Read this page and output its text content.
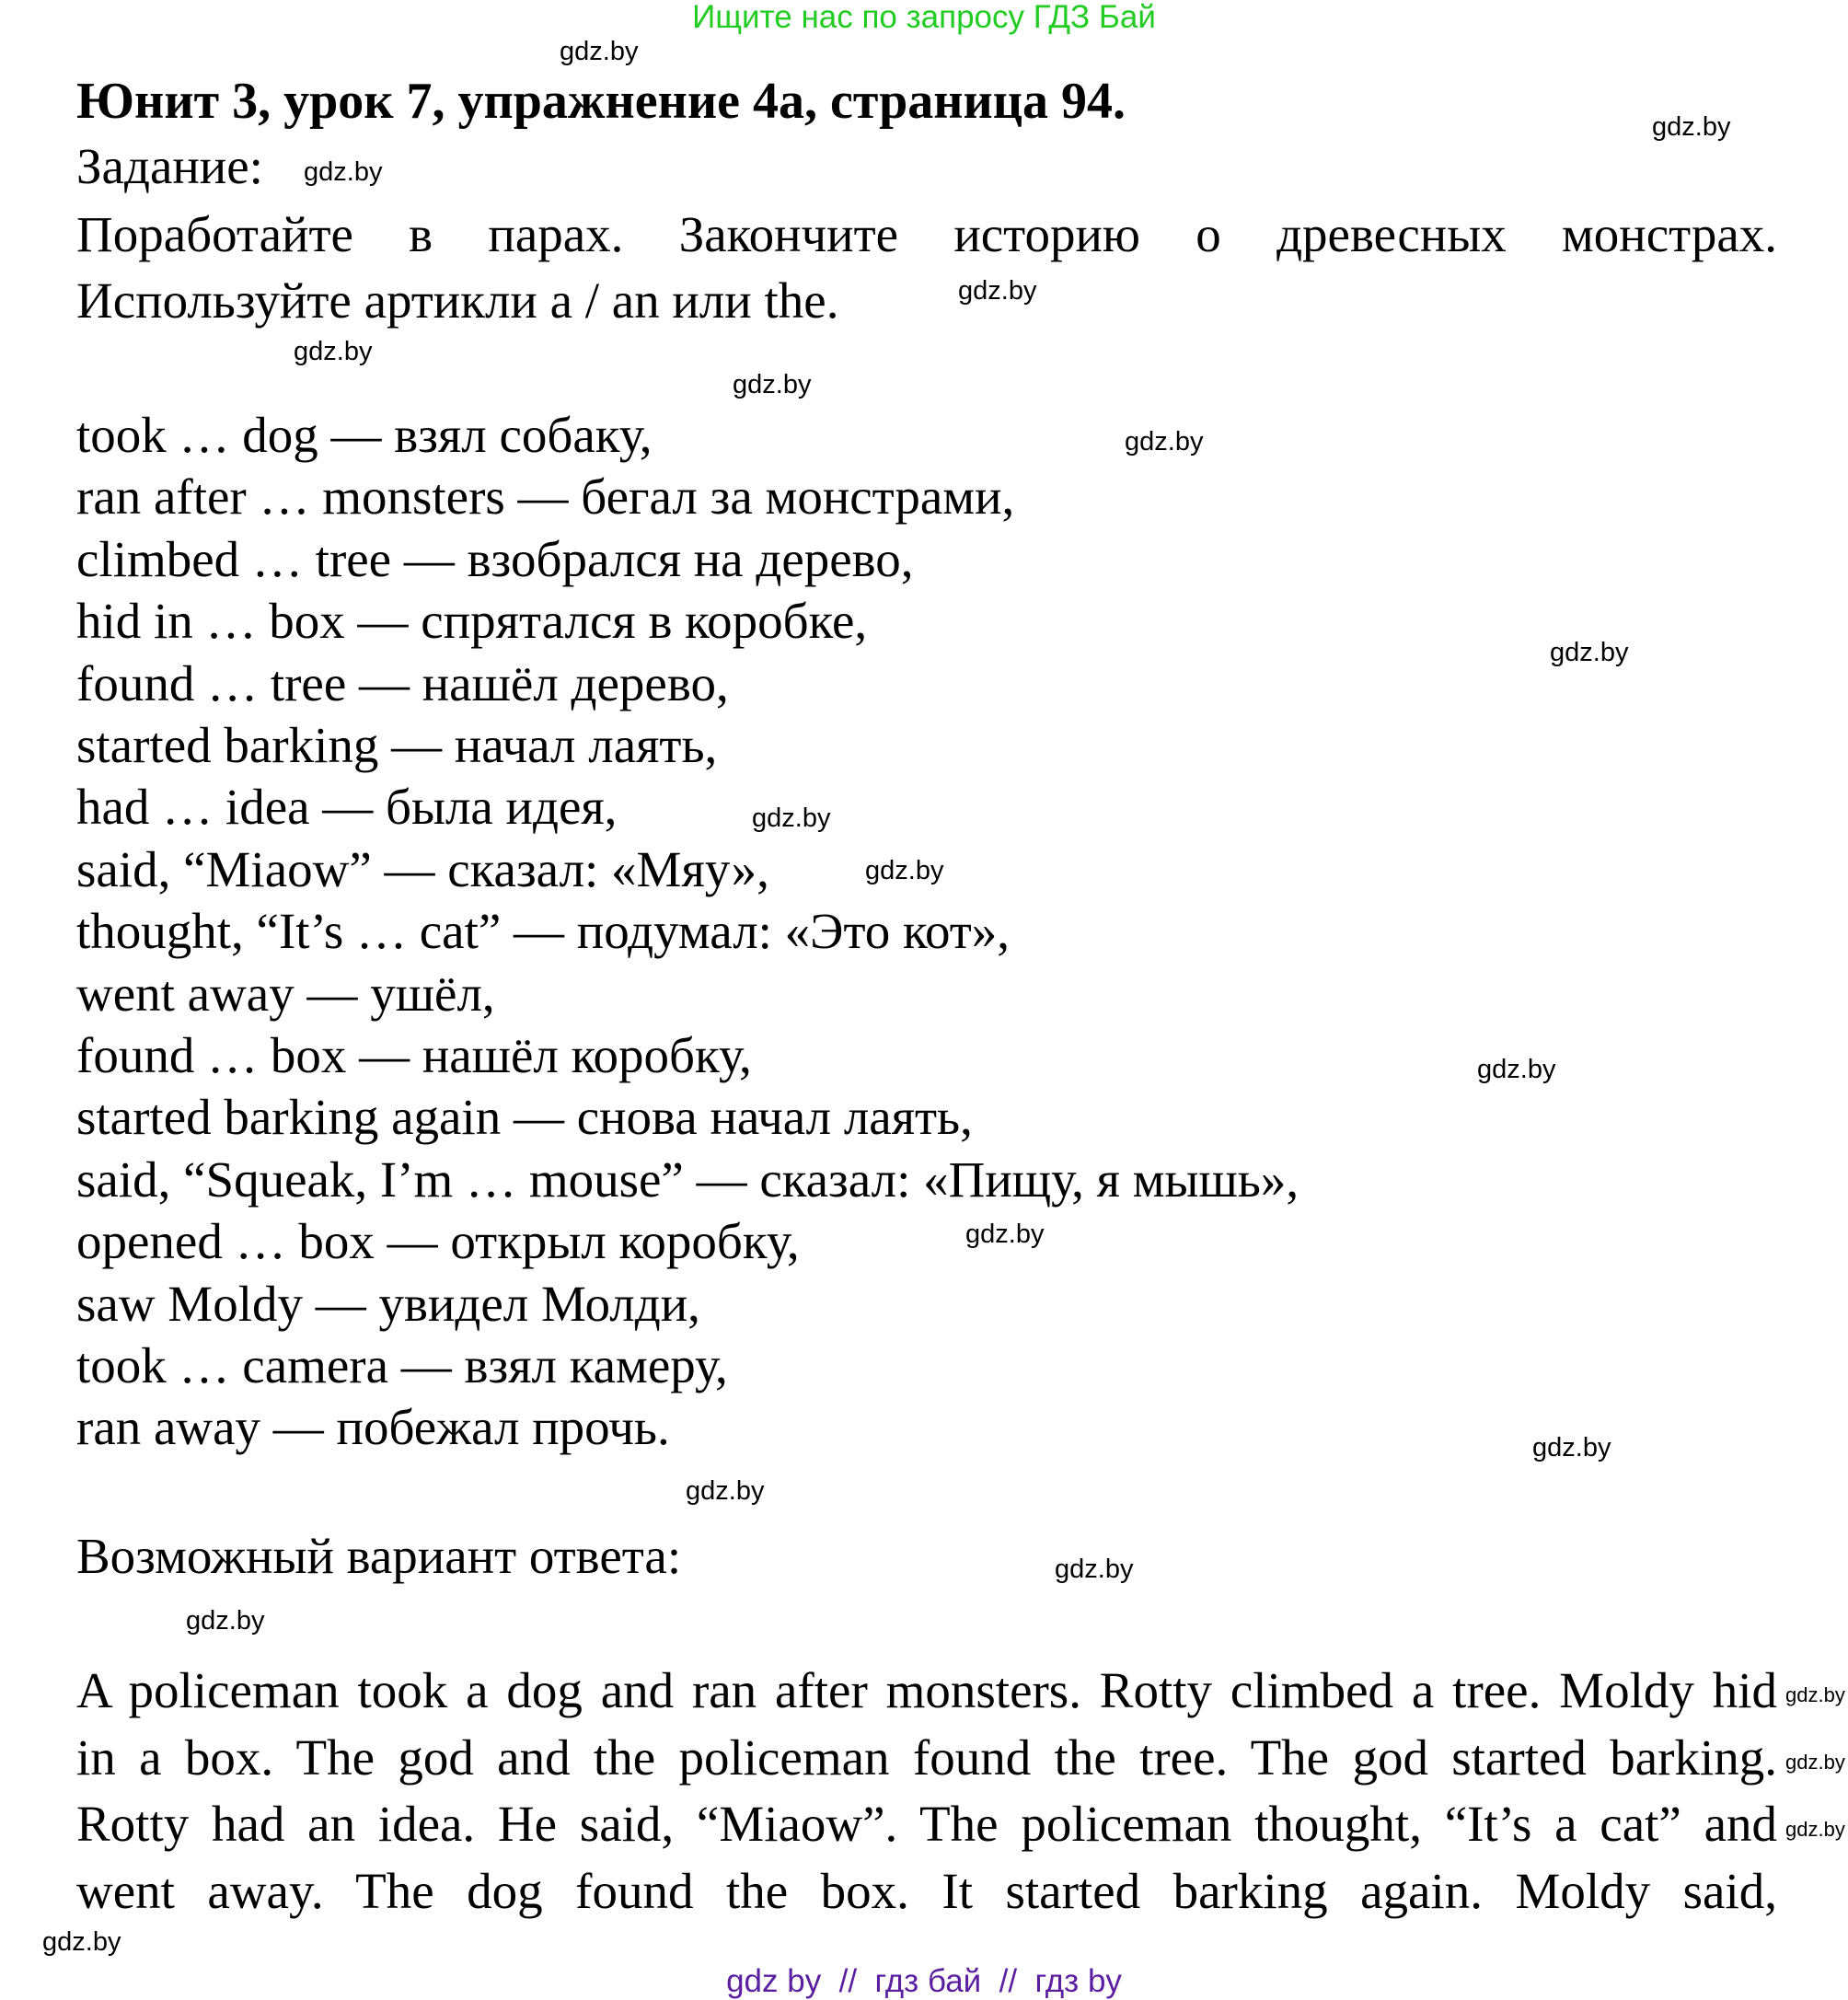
Ищите нас по запросу ГДЗ Бай
Юнит 3, урок 7, упражнение 4а, страница 94.
Задание:
Поработайте в парах. Закончите историю о древесных монстрах.
Используйте артикли a / an или the.
took … dog — взял собаку,
ran after … monsters — бегал за монстрами,
climbed … tree — взобрался на дерево,
hid in … box — спрятался в коробке,
found … tree — нашёл дерево,
started barking — начал лаять,
had … idea — была идея,
said, “Miaow” — сказал: «Мяу»,
thought, “It’s … cat” — подумал: «Это кот»,
went away — ушёл,
found … box — нашёл коробку,
started barking again — снова начал лаять,
said, “Squeak, I’m … mouse” — сказал: «Пищу, я мышь»,
opened … box — открыл коробку,
saw Moldy — увидел Молди,
took … camera — взял камеру,
ran away — побежал прочь.
Возможный вариант ответа:
A policeman took a dog and ran after monsters. Rotty climbed a tree. Moldy hid
in a box. The god and the policeman found the tree. The god started barking.
Rotty had an idea. He said, “Miaow”. The policeman thought, “It’s a cat” and
went away. The dog found the box. It started barking again. Moldy said,
gdz.by
gdz.by
gdz.by
gdz.by
gdz.by
gdz.by
gdz.by
gdz.by
gdz.by
gdz.by
gdz.by
gdz.by
gdz.by
gdz.by
gdz.by
gdz.by
gdz.by
gdz.by
gdz.by
gdz.by
gdz by  //  гдз бай  //  гдз by
